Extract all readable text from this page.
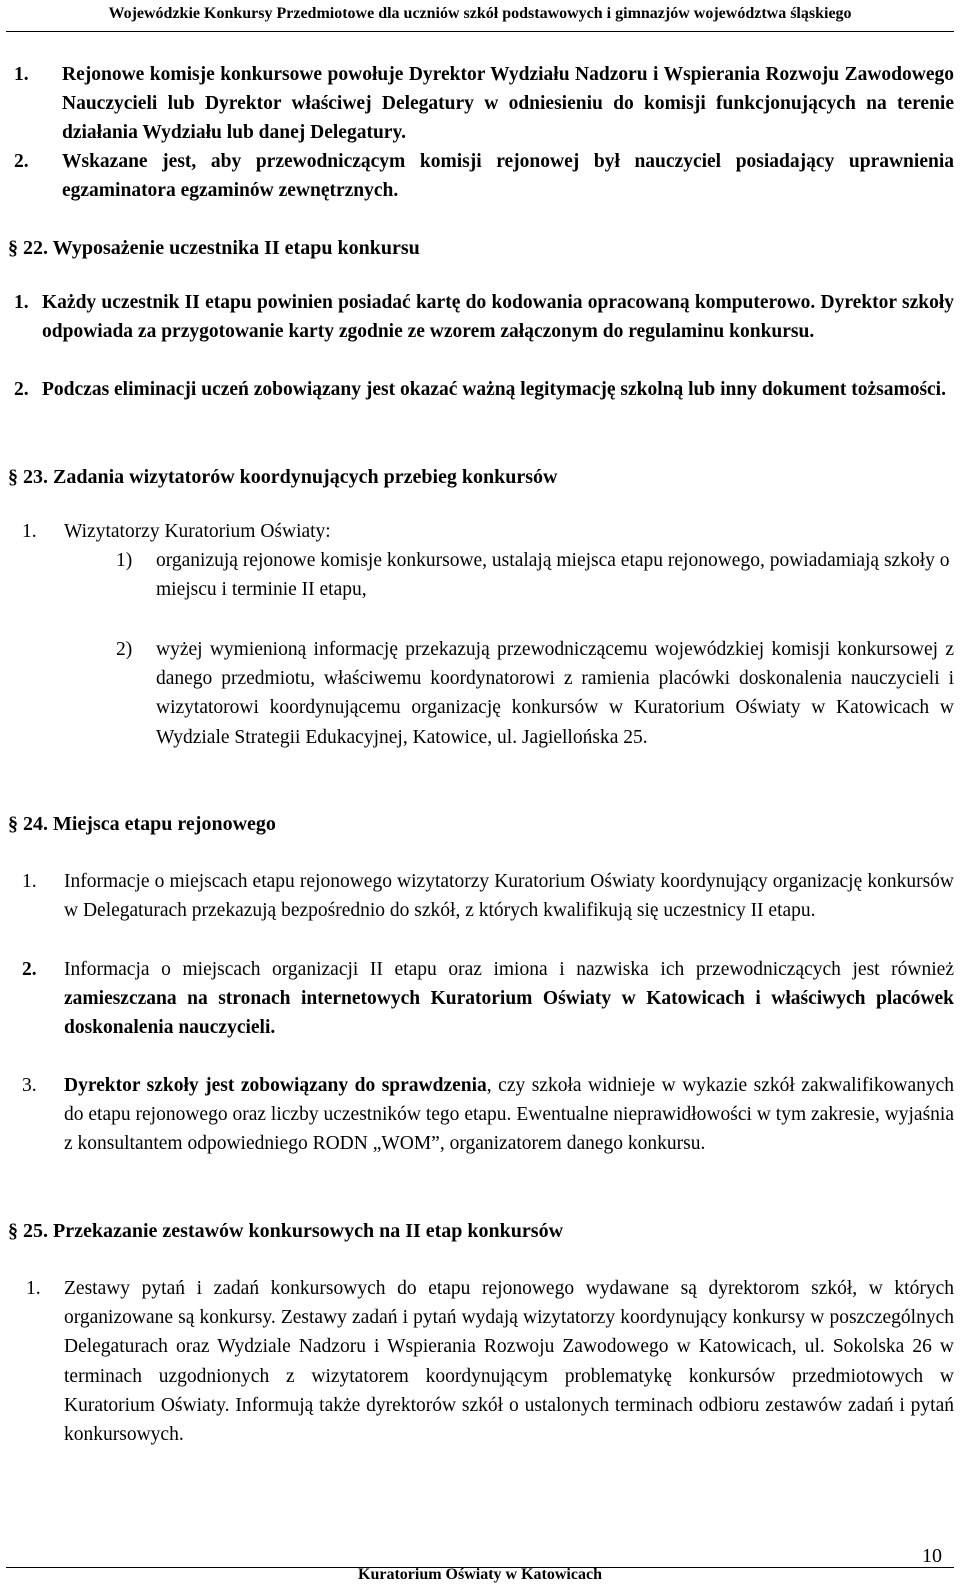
Wojewódzkie Konkursy Przedmiotowe dla uczniów szkół podstawowych i gimnazjów województwa śląskiego
1. Rejonowe komisje konkursowe powołuje Dyrektor Wydziału Nadzoru i Wspierania Rozwoju Zawodowego Nauczycieli lub Dyrektor właściwej Delegatury w odniesieniu do komisji funkcjonujących na terenie działania Wydziału lub danej Delegatury.
2. Wskazane jest, aby przewodniczącym komisji rejonowej był nauczyciel posiadający uprawnienia egzaminatora egzaminów zewnętrznych.
§ 22. Wyposażenie uczestnika II etapu konkursu
1. Każdy uczestnik II etapu powinien posiadać kartę do kodowania opracowaną komputerowo. Dyrektor szkoły odpowiada za przygotowanie karty zgodnie ze wzorem załączonym do regulaminu konkursu.
2. Podczas eliminacji uczeń zobowiązany jest okazać ważną legitymację szkolną lub inny dokument tożsamości.
§ 23. Zadania wizytatorów koordynujących przebieg konkursów
1. Wizytatorzy Kuratorium Oświaty:
1) organizują rejonowe komisje konkursowe, ustalają miejsca etapu rejonowego, powiadamiają szkoły o miejscu i terminie II etapu,
2) wyżej wymienioną informację przekazują przewodniczącemu wojewódzkiej komisji konkursowej z danego przedmiotu, właściwemu koordynatorowi z ramienia placówki doskonalenia nauczycieli i wizytatorowi koordynującemu organizację konkursów w Kuratorium Oświaty w Katowicach w Wydziale Strategii Edukacyjnej, Katowice, ul. Jagiellońska 25.
§ 24. Miejsca etapu rejonowego
1. Informacje o miejscach etapu rejonowego wizytatorzy Kuratorium Oświaty koordynujący organizację konkursów w Delegaturach przekazują bezpośrednio do szkół, z których kwalifikują się uczestnicy II etapu.
2. Informacja o miejscach organizacji II etapu oraz imiona i nazwiska ich przewodniczących jest również zamieszczana na stronach internetowych Kuratorium Oświaty w Katowicach i właściwych placówek doskonalenia nauczycieli.
3. Dyrektor szkoły jest zobowiązany do sprawdzenia, czy szkoła widnieje w wykazie szkół zakwalifikowanych do etapu rejonowego oraz liczby uczestników tego etapu. Ewentualne nieprawidłowości w tym zakresie, wyjaśnia z konsultantem odpowiedniego RODN „WOM”, organizatorem danego konkursu.
§ 25. Przekazanie zestawów konkursowych na II etap konkursów
1. Zestawy pytań i zadań konkursowych do etapu rejonowego wydawane są dyrektorom szkół, w których organizowane są konkursy. Zestawy zadań i pytań wydają wizytatorzy koordynujący konkursy w poszczególnych Delegaturach oraz Wydziale Nadzoru i Wspierania Rozwoju Zawodowego w Katowicach, ul. Sokolska 26 w terminach uzgodnionych z wizytatorem koordynującym problematykę konkursów przedmiotowych w Kuratorium Oświaty. Informują także dyrektorów szkół o ustalonych terminach odbioru zestawów zadań i pytań konkursowych.
10
Kuratorium Oświaty w Katowicach
